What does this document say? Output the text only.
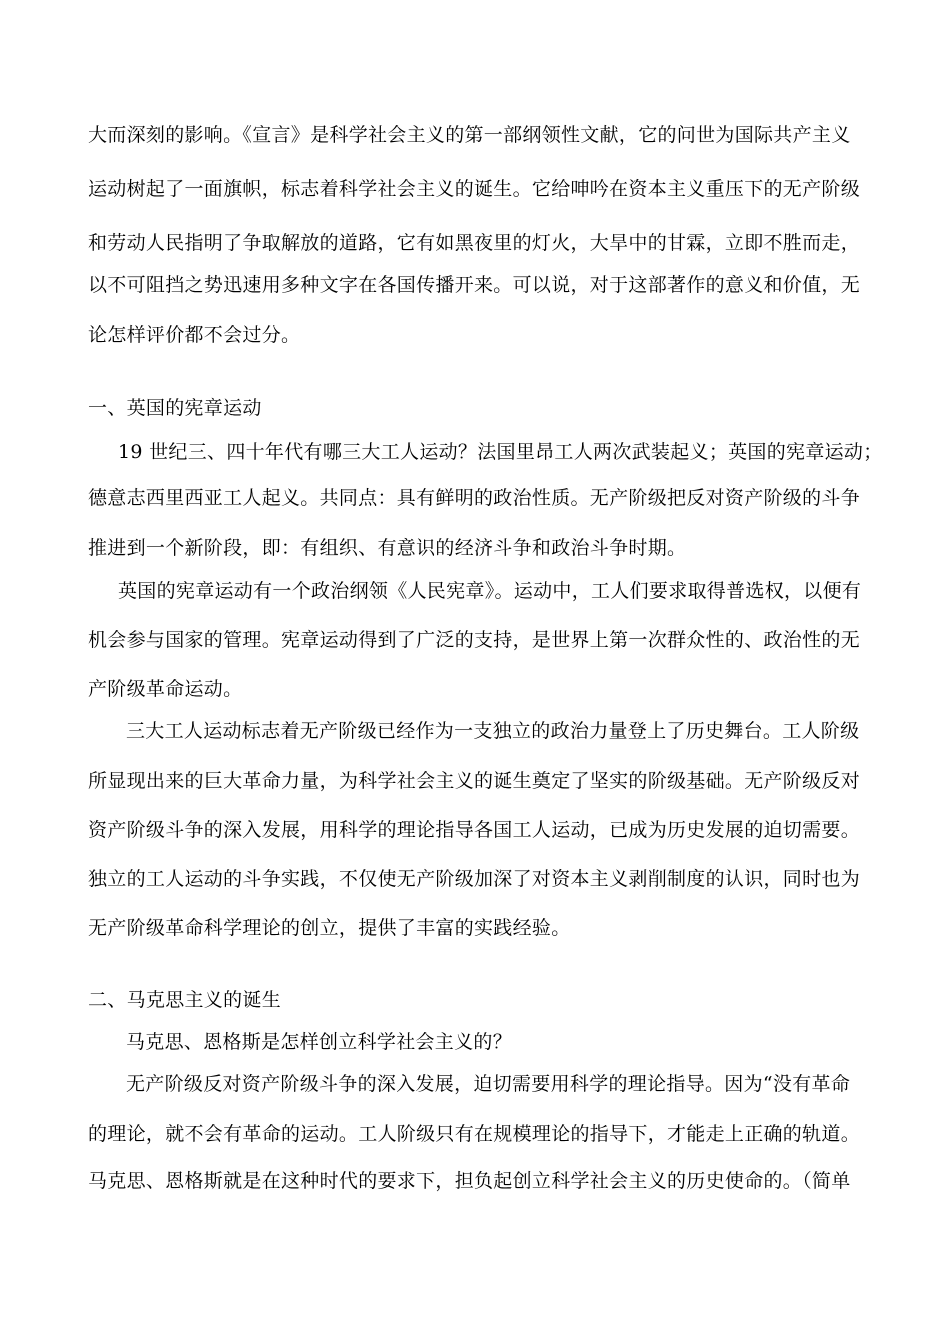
大而深刻的影响。《宣言》是科学社会主义的第一部纲领性文献，它的问世为国际共产主义
运动树起了一面旗帜，标志着科学社会主义的诞生。它给呻吟在资本主义重压下的无产阶级
和劳动人民指明了争取解放的道路，它有如黑夜里的灯火，大旱中的甘霖，立即不胜而走，
以不可阻挡之势迅速用多种文字在各国传播开来。可以说，对于这部著作的意义和价值，无
论怎样评价都不会过分。
一、英国的宪章运动
19 世纪三、四十年代有哪三大工人运动？法国里昂工人两次武装起义；英国的宪章运动；
德意志西里西亚工人起义。共同点：具有鲜明的政治性质。无产阶级把反对资产阶级的斗争
推进到一个新阶段，即：有组织、有意识的经济斗争和政治斗争时期。
英国的宪章运动有一个政治纲领《人民宪章》。运动中，工人们要求取得普选权，以便有
机会参与国家的管理。宪章运动得到了广泛的支持，是世界上第一次群众性的、政治性的无
产阶级革命运动。
三大工人运动标志着无产阶级已经作为一支独立的政治力量登上了历史舞台。工人阶级
所显现出来的巨大革命力量，为科学社会主义的诞生奠定了坚实的阶级基础。无产阶级反对
资产阶级斗争的深入发展，用科学的理论指导各国工人运动，已成为历史发展的迫切需要。
独立的工人运动的斗争实践，不仅使无产阶级加深了对资本主义剥削制度的认识，同时也为
无产阶级革命科学理论的创立，提供了丰富的实践经验。
二、马克思主义的诞生
马克思、恩格斯是怎样创立科学社会主义的？
无产阶级反对资产阶级斗争的深入发展，迫切需要用科学的理论指导。因为“没有革命
的理论，就不会有革命的运动。工人阶级只有在规模理论的指导下，才能走上正确的轨道。
马克思、恩格斯就是在这种时代的要求下，担负起创立科学社会主义的历史使命的。（简单
